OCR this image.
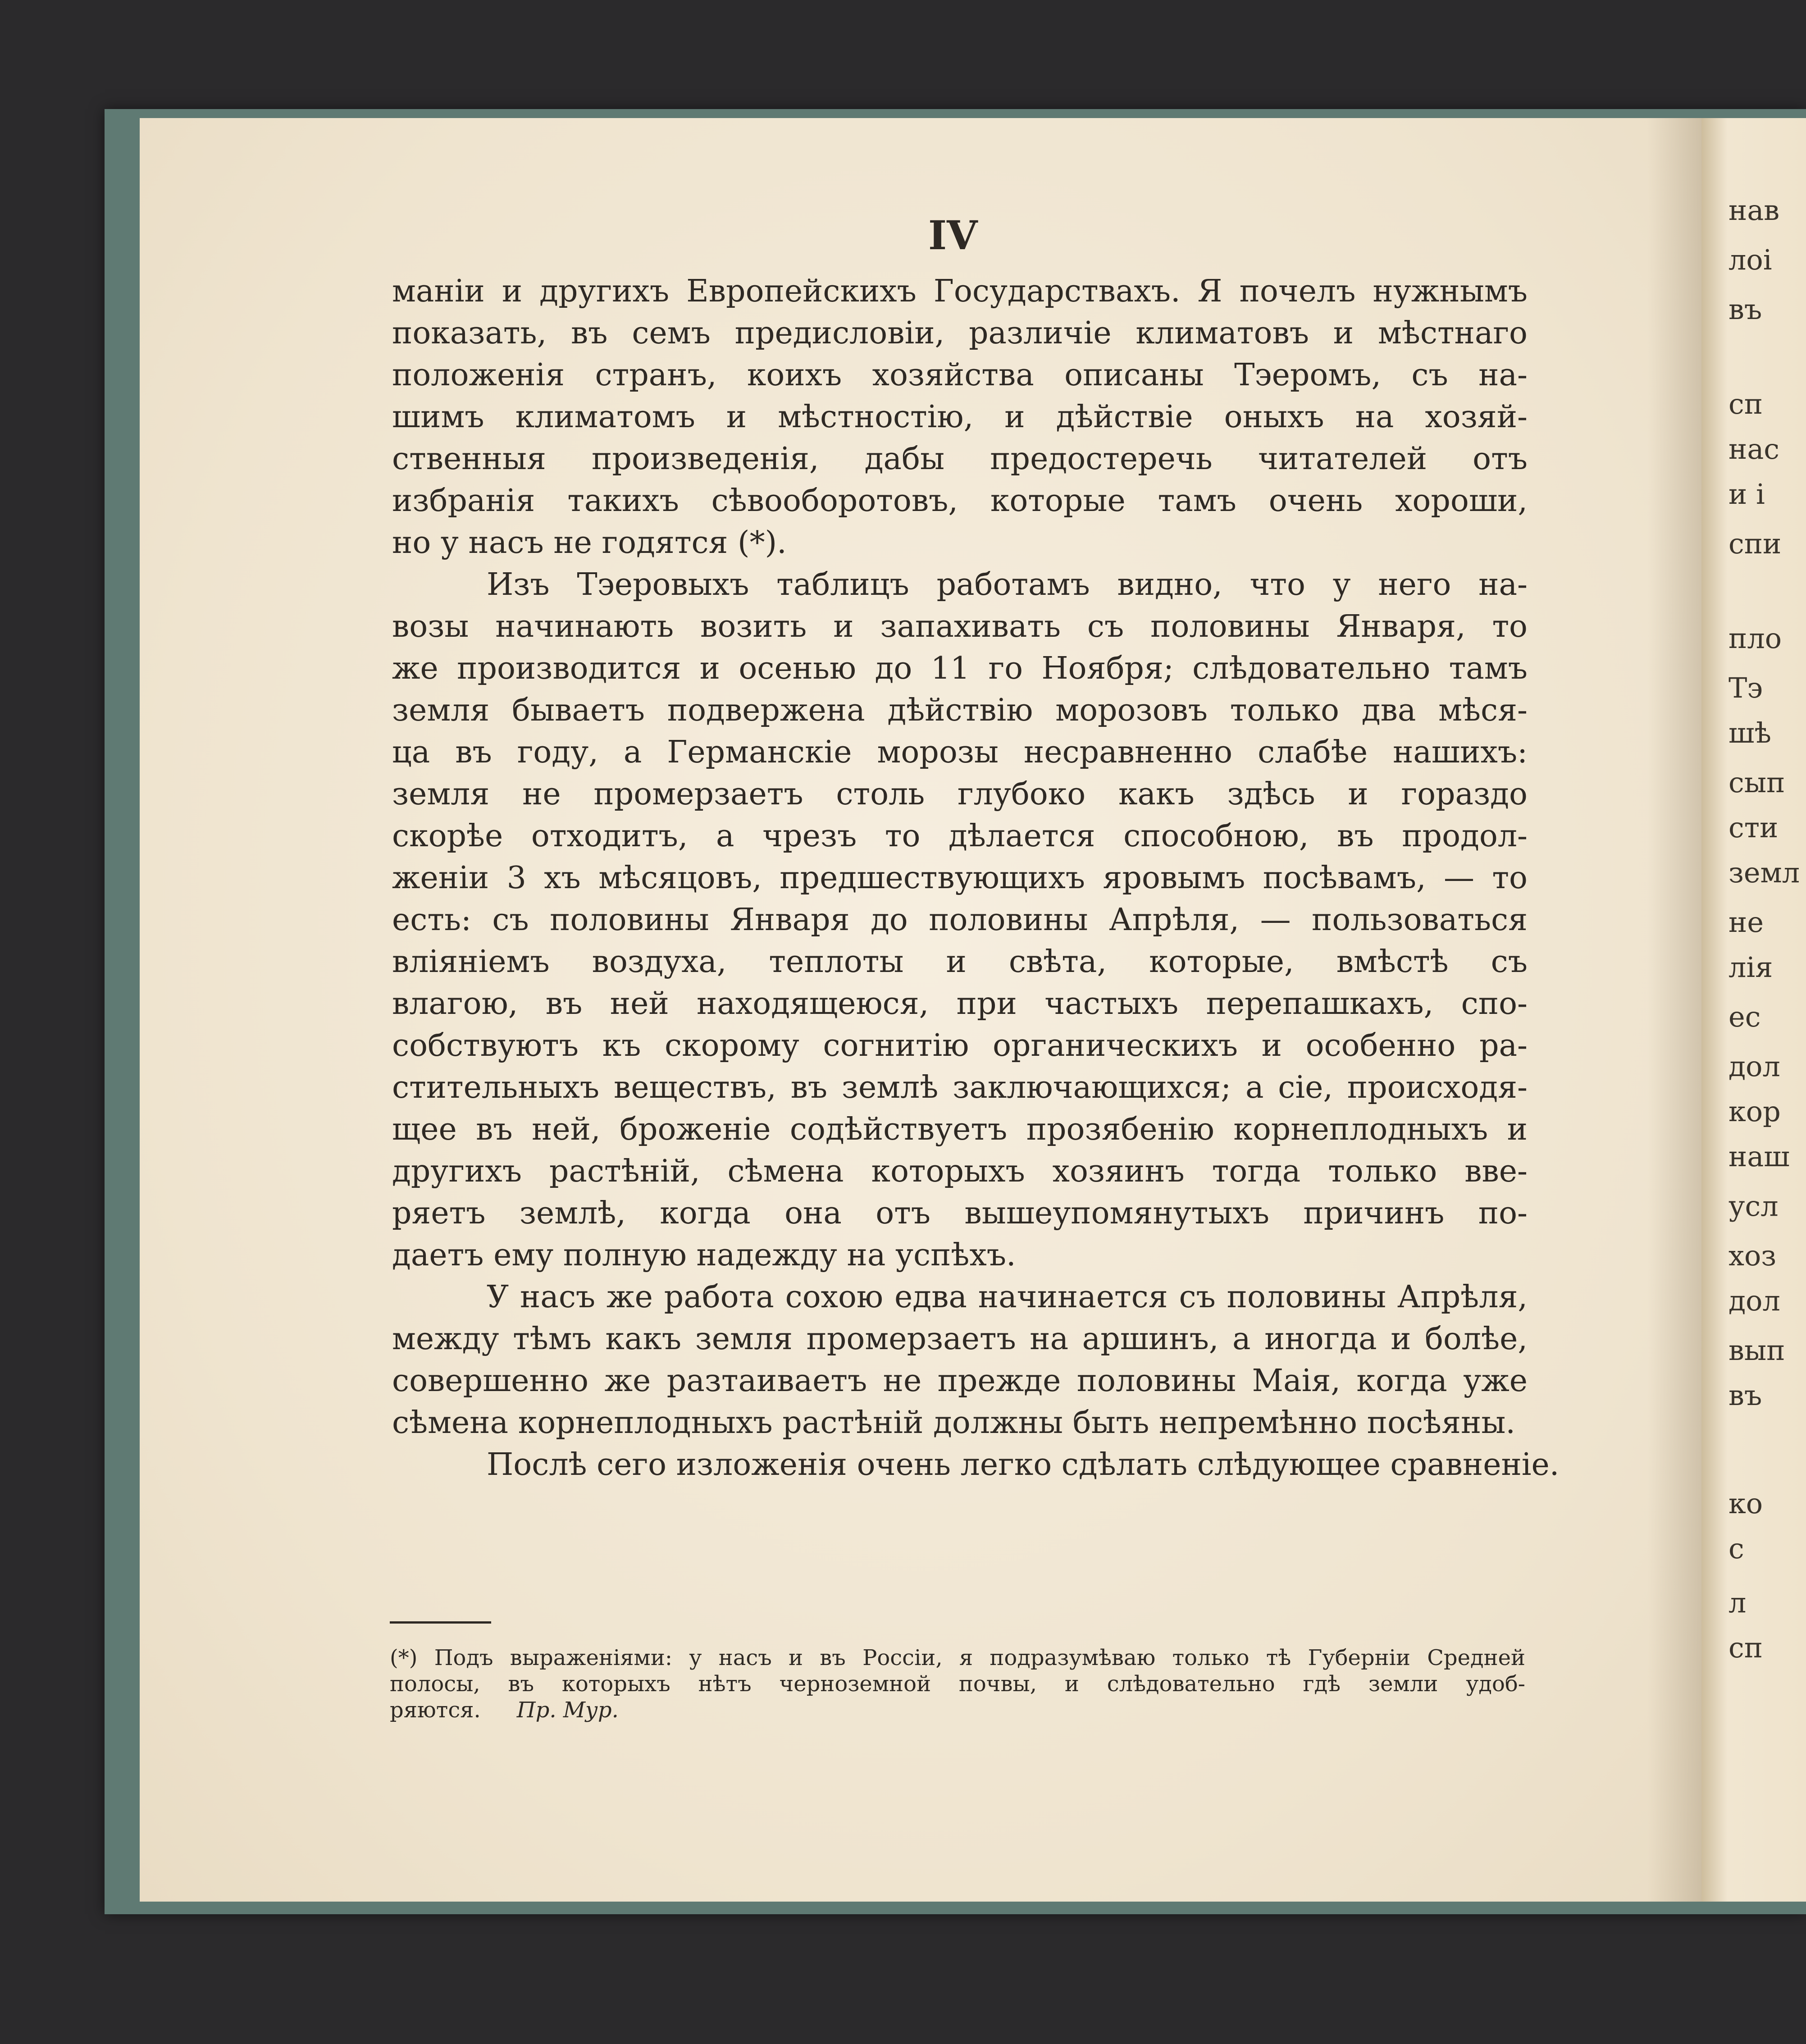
нав
лоі
въ
сп
нас
и і
спи
пло
Тэ
шѣ
сып
сти
земл
не
лія
ес
дол
кор
наш
усл
хоз
дол
вып
въ
ко
с
л
сп
IV
маніи и другихъ Европейскихъ Государствахъ. Я почелъ нужнымъ
показать, въ семъ предисловіи, различіе климатовъ и мѣстнаго
положенія странъ, коихъ хозяйства описаны Тэеромъ, съ на-
шимъ климатомъ и мѣстностію, и дѣйствіе оныхъ на хозяй-
ственныя произведенія, дабы предостеречь читателей отъ
избранія такихъ сѣвооборотовъ, которые тамъ очень хороши,
но у насъ не годятся (*).
Изъ Тэеровыхъ таблицъ работамъ видно, что у него на-
возы начинають возить и запахивать съ половины Января, то
же производится и осенью до 11 го Ноября; слѣдовательно тамъ
земля бываетъ подвержена дѣйствію морозовъ только два мѣся-
ца въ году, а Германскіе морозы несравненно слабѣе нашихъ:
земля не промерзаетъ столь глубоко какъ здѣсь и гораздо
скорѣе отходитъ, а чрезъ то дѣлается способною, въ продол-
женіи 3 хъ мѣсяцовъ, предшествующихъ яровымъ посѣвамъ, — то
есть: съ половины Января до половины Апрѣля, — пользоваться
вліяніемъ воздуха, теплоты и свѣта, которые, вмѣстѣ съ
влагою, въ ней находящеюся, при частыхъ перепашкахъ, спо-
собствуютъ къ скорому согнитію органическихъ и особенно ра-
стительныхъ веществъ, въ землѣ заключающихся; а сіе, происходя-
щее въ ней, броженіе содѣйствуетъ прозябенію корнеплодныхъ и
другихъ растѣній, сѣмена которыхъ хозяинъ тогда только вве-
ряетъ землѣ, когда она отъ вышеупомянутыхъ причинъ по-
даетъ ему полную надежду на успѣхъ.
У насъ же работа сохою едва начинается съ половины Апрѣля,
между тѣмъ какъ земля промерзаетъ на аршинъ, а иногда и болѣе,
совершенно же разтаиваетъ не прежде половины Маія, когда уже
сѣмена корнеплодныхъ растѣній должны быть непремѣнно посѣяны.
Послѣ сего изложенія очень легко сдѣлать слѣдующее сравненіе.
(*) Подъ выраженіями: у насъ и въ Россіи, я подразумѣваю только тѣ Губерніи Средней
полосы, въ которыхъ нѣтъ черноземной почвы, и слѣдовательно гдѣ земли удоб-
ряются. Пр. Мур.
